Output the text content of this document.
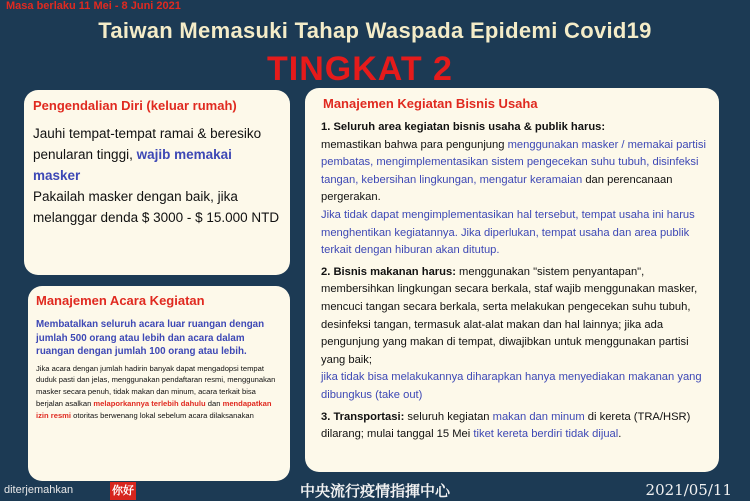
Masa berlaku 11 Mei - 8 Juni 2021
Taiwan Memasuki Tahap Waspada Epidemi Covid19
TINGKAT 2
Pengendalian Diri (keluar rumah)
Jauhi tempat-tempat ramai & beresiko penularan tinggi, wajib memakai masker
Pakailah masker dengan baik, jika melanggar denda $ 3000 - $ 15.000 NTD
Manajemen Acara Kegiatan
Membatalkan seluruh acara luar ruangan dengan jumlah 500 orang atau lebih dan acara dalam ruangan dengan jumlah 100 orang atau lebih.
Jika acara dengan jumlah hadirin banyak dapat mengadopsi tempat duduk pasti dan jelas, menggunakan pendaftaran resmi, menggunakan masker secara penuh, tidak makan dan minum, acara terkait bisa berjalan asalkan melaporkannya terlebih dahulu dan mendapatkan izin resmi otoritas berwenang lokal sebelum acara dilaksanakan
Manajemen Kegiatan Bisnis Usaha
1. Seluruh area kegiatan bisnis usaha & publik harus:
memastikan bahwa para pengunjung menggunakan masker / memakai partisi pembatas, mengimplementasikan sistem pengecekan suhu tubuh, disinfeksi tangan, kebersihan lingkungan, mengatur keramaian dan perencanaan pergerakan.
Jika tidak dapat mengimplementasikan hal tersebut, tempat usaha ini harus menghentikan kegiatannya. Jika diperlukan, tempat usaha dan area publik terkait dengan hiburan akan ditutup.
2. Bisnis makanan harus: menggunakan "sistem penyantapan", membersihkan lingkungan secara berkala, staf wajib menggunakan masker, mencuci tangan secara berkala, serta melakukan pengecekan suhu tubuh, desinfeksi tangan, termasuk alat-alat makan dan hal lainnya; jika ada pengunjung yang makan di tempat, diwajibkan untuk menggunakan partisi yang baik;
jika tidak bisa melakukannya diharapkan hanya menyediakan makanan yang dibungkus (take out)
3. Transportasi: seluruh kegiatan makan dan minum di kereta (TRA/HSR) dilarang; mulai tanggal 15 Mei tiket kereta berdiri tidak dijual.
diterjemahkan	你好	中央流行疫情指揮中心	2021/05/11
